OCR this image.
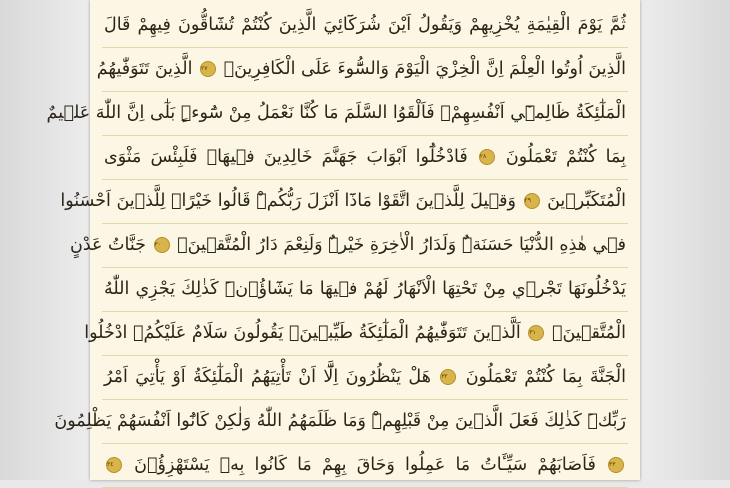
ثُمَّ يَوْمَ الْقِيٰمَةِ يُخْزِيهِمْ وَيَقُولُ اَيْنَ شُرَكَٓائِيَ الَّذِينَ كُنْتُمْ تُشَٓاقُّونَ فِيهِمْ قَالَ
الَّذِينَ اُوتُوا الْعِلْمَ اِنَّ الْخِزْيَ الْيَوْمَ وَالسُّٓوءَ عَلَى الْكَافِرِينَۙ ٢٧ الَّذِينَ تَتَوَفّٰيهُمُ
الْمَلٰٓئِكَةُ ظَالِمٖٓي اَنْفُسِهِمْۖ فَاَلْقَوُا السَّلَمَ مَا كُنَّا نَعْمَلُ مِنْ سُٓوءٍۜ بَلٰٓى اِنَّ اللّٰهَ عَلٖيمٌ
بِمَا كُنْتُمْ تَعْمَلُونَ ٢٨ فَادْخُلُٓوا اَبْوَابَ جَهَنَّمَ خَالِدِينَ فٖيهَاۜ فَلَبِئْسَ مَثْوَى
الْمُتَكَبِّرٖينَ ٢٩ وَقٖيلَ لِلَّذٖينَ اتَّقَوْا مَاذَٓا اَنْزَلَ رَبُّكُمْۜ قَالُوا خَيْرًاۜ لِلَّذٖينَ اَحْسَنُوا
فٖي هٰذِهِ الدُّنْيَا حَسَنَةٌۜ وَلَدَارُ الْاٰخِرَةِ خَيْرٌۜ وَلَنِعْمَ دَارُ الْمُتَّقٖينَۙ ٣٠ جَنَّاتُ عَدْنٍ
يَدْخُلُونَهَا تَجْرٖي مِنْ تَحْتِهَا الْاَنْهَارُ لَهُمْ فٖيهَا مَا يَشَٓاؤُ۫نَۜ كَذٰلِكَ يَجْزِي اللّٰهُ
الْمُتَّقٖينَۙ ٣١ اَلَّذٖينَ تَتَوَفّٰيهُمُ الْمَلٰٓئِكَةُ طَيِّبٖينَۙ يَقُولُونَ سَلَامٌ عَلَيْكُمُۙ ادْخُلُوا
الْجَنَّةَ بِمَا كُنْتُمْ تَعْمَلُونَ ٣٢ هَلْ يَنْظُرُونَ اِلَّٓا اَنْ تَأْتِيَهُمُ الْمَلٰٓئِكَةُ اَوْ يَأْتِيَ اَمْرُ
رَبِّكَۜ كَذٰلِكَ فَعَلَ الَّذٖينَ مِنْ قَبْلِهِمْۜ وَمَا ظَلَمَهُمُ اللّٰهُ وَلٰكِنْ كَانُٓوا اَنْفُسَهُمْ يَظْلِمُونَ
٣٣ فَاَصَابَهُمْ سَيِّـَٔاتُ مَا عَمِلُوا وَحَاقَ بِهِمْ مَا كَانُوا بِهٖ يَسْتَهْزِؤُ۫نَ ٣٤
